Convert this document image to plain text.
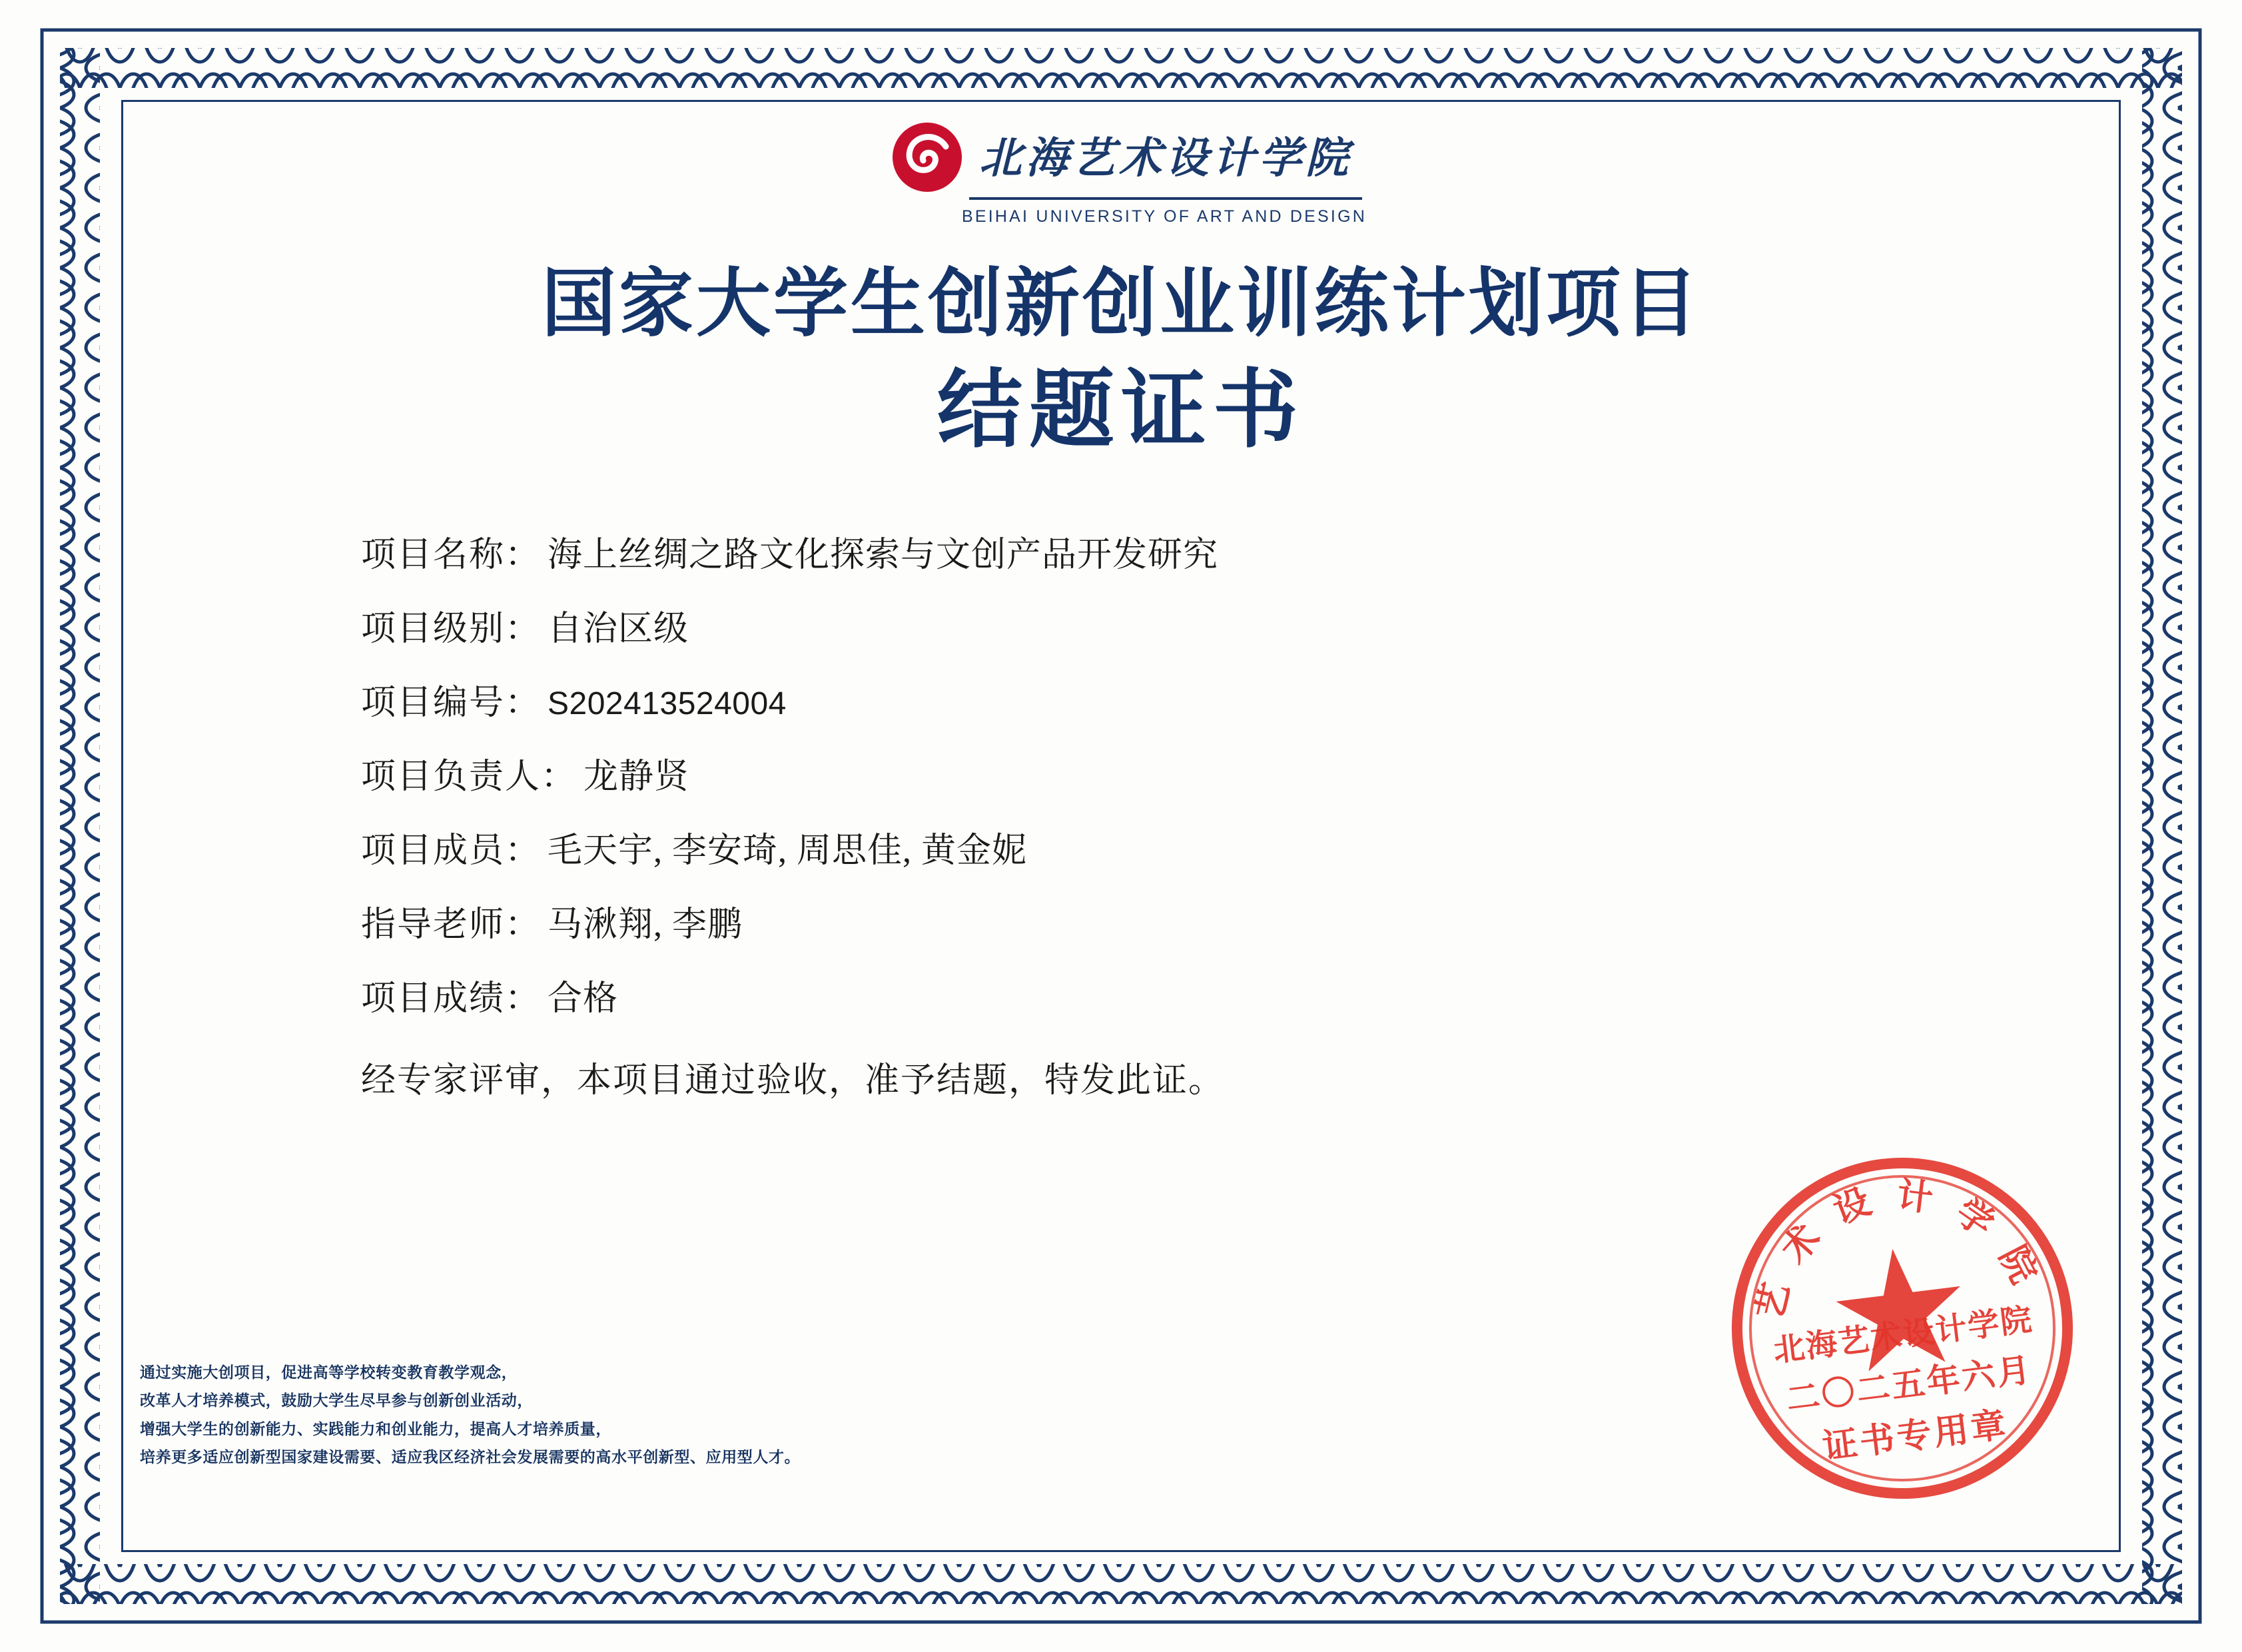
北海艺术设计学院
BEIHAI UNIVERSITY OF ART AND DESIGN
国家大学生创新创业训练计划项目
结题证书
项目名称： 海上丝绸之路文化探索与文创产品开发研究
项目级别： 自治区级
项目编号： S202413524004
项目负责人： 龙静贤
项目成员： 毛天宇, 李安琦, 周思佳, 黄金妮
指导老师： 马湫翔, 李鹏
项目成绩： 合格
经专家评审，本项目通过验收，准予结题，特发此证。
通过实施大创项目，促进高等学校转变教育教学观念，
改革人才培养模式，鼓励大学生尽早参与创新创业活动，
增强大学生的创新能力、实践能力和创业能力，提高人才培养质量，
培养更多适应创新型国家建设需要、适应我区经济社会发展需要的高水平创新型、应用型人才。
艺 术 设 计 学 院
北海艺术设计学院
二〇二五年六月
证书专用章
